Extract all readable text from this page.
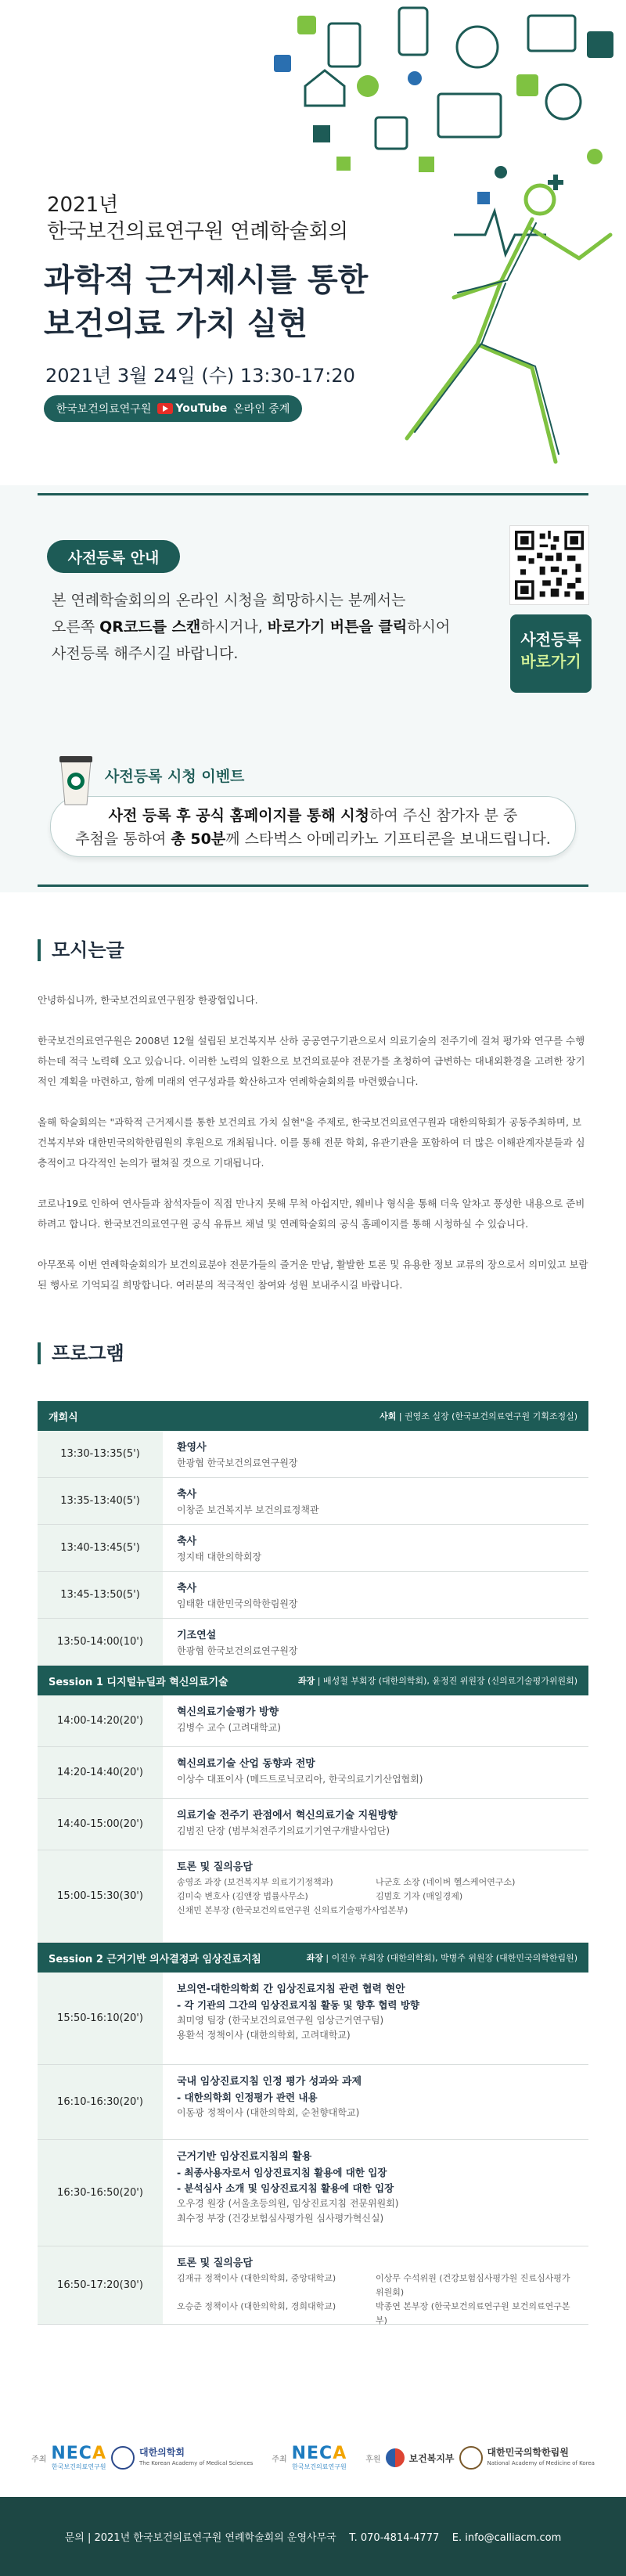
2021년
한국보건의료연구원 연례학술회의
과학적 근거제시를 통한
보건의료 가치 실현
2021년 3월 24일 (수) 13:30-17:20
한국보건의료연구원 YouTube 온라인 중계
사전등록 안내
본 연례학술회의의 온라인 시청을 희망하시는 분께서는
오른쪽 QR코드를 스캔하시거나, 바로가기 버튼을 클릭하시어
사전등록 해주시길 바랍니다.
사전등록
바로가기
사전 등록 후 공식 홈페이지를 통해 시청하여 주신 참가자 분 중
추첨을 통하여 총 50분께 스타벅스 아메리카노 기프티콘을 보내드립니다.
사전등록 시청 이벤트
모시는글

안녕하십니까, 한국보건의료연구원장 한광협입니다.

한국보건의료연구원은 2008년 12월 설립된 보건복지부 산하 공공연구기관으로서 의료기술의 전주기에 걸쳐 평가와 연구를 수행하는데 적극 노력해 오고 있습니다. 이러한 노력의 일환으로 보건의료분야 전문가를 초청하여 급변하는 대내외환경을 고려한 장기적인 계획을 마련하고, 함께 미래의 연구성과를 확산하고자 연례학술회의를 마련했습니다.

올해 학술회의는 "과학적 근거제시를 통한 보건의료 가치 실현"을 주제로, 한국보건의료연구원과 대한의학회가 공동주최하며, 보건복지부와 대한민국의학한림원의 후원으로 개최됩니다. 이를 통해 전문 학회, 유관기관을 포함하여 더 많은 이해관계자분들과 심층적이고 다각적인 논의가 펼쳐질 것으로 기대됩니다.

코로나19로 인하여 연사들과 참석자들이 직접 만나지 못해 무척 아쉽지만, 웨비나 형식을 통해 더욱 알차고 풍성한 내용으로 준비하려고 합니다. 한국보건의료연구원 공식 유튜브 채널 및 연례학술회의 공식 홈페이지를 통해 시청하실 수 있습니다.

아무쪼록 이번 연례학술회의가 보건의료분야 전문가들의 즐거운 만남, 활발한 토론 및 유용한 정보 교류의 장으로서 의미있고 보람된 행사로 기억되길 희망합니다. 여러분의 적극적인 참여와 성원 보내주시길 바랍니다.

프로그램
개회식	사회 | 권영조 실장 (한국보건의료연구원 기획조정실)
13:30-13:35(5')
환영사
한광협 한국보건의료연구원장
13:35-13:40(5')
축사
이창준 보건복지부 보건의료정책관
13:40-13:45(5')
축사
정지태 대한의학회장
13:45-13:50(5')
축사
임태환 대한민국의학한림원장
13:50-14:00(10')
기조연설
한광협 한국보건의료연구원장
Session 1 디지털뉴딜과 혁신의료기술	좌장 | 배성철 부회장 (대한의학회), 윤정진 위원장 (신의료기술평가위원회)
14:00-14:20(20')
혁신의료기술평가 방향
김병수 교수 (고려대학교)
14:20-14:40(20')
혁신의료기술 산업 동향과 전망
이상수 대표이사 (메드트로닉코리아, 한국의료기기산업협회)
14:40-15:00(20')
의료기술 전주기 관점에서 혁신의료기술 지원방향
김범진 단장 (범부처전주기의료기기연구개발사업단)
15:00-15:30(30')
토론 및 질의응답
송영조 과장 (보건복지부 의료기기정책과)	나군호 소장 (네이버 헬스케어연구소)
김미숙 변호사 (김앤장 법률사무소)	김범호 기자 (매일경제)
신채민 본부장 (한국보건의료연구원 신의료기술평가사업본부)
Session 2 근거기반 의사결정과 임상진료지침	좌장 | 이진우 부회장 (대한의학회), 박병주 위원장 (대한민국의학한림원)
15:50-16:10(20')
보의연-대한의학회 간 임상진료지침 관련 협력 현안
- 각 기관의 그간의 임상진료지침 활동 및 향후 협력 방향
최미영 팀장 (한국보건의료연구원 임상근거연구팀)
용환석 정책이사 (대한의학회, 고려대학교)
16:10-16:30(20')
국내 임상진료지침 인정 평가 성과와 과제
- 대한의학회 인정평가 관련 내용
이동광 정책이사 (대한의학회, 순천향대학교)
16:30-16:50(20')
근거기반 임상진료지침의 활용
- 최종사용자로서 임상진료지침 활용에 대한 입장
- 분석심사 소개 및 임상진료지침 활용에 대한 입장
오우경 원장 (서울초등의원, 임상진료지침 전문위원회)
최수정 부장 (건강보험심사평가원 심사평가혁신실)
16:50-17:20(30')
토론 및 질의응답
김재규 정책이사 (대한의학회, 중앙대학교)	이상무 수석위원 (건강보험심사평가원 진료심사평가위원회)
오승준 정책이사 (대한의학회, 경희대학교)	박종연 본부장 (한국보건의료연구원 보건의료연구본부)
주최 NECA
한국보건의료연구원
대한의학회
The Korean Academy of Medical Sciences 주최 NECA
한국보건의료연구원
후원	보건복지부
대한민국의학한림원
National Academy of Medicine of Korea
문의 | 2021년 한국보건의료연구원 연례학술회의 운영사무국    T. 070-4814-4777    E. info@calliacm.com
